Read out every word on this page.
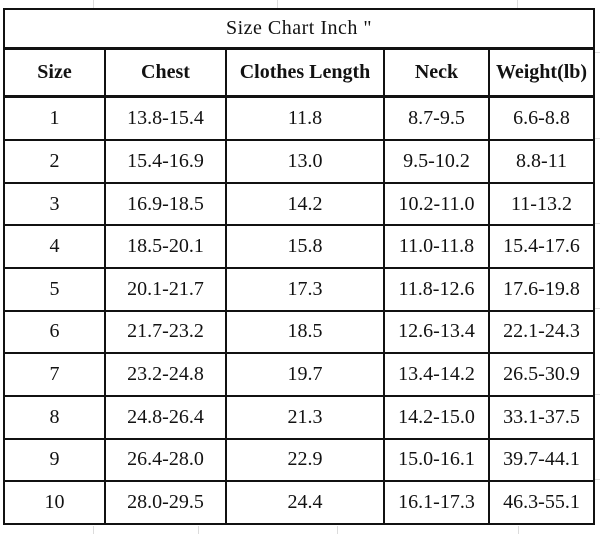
Size Chart Inch "				
Size	Chest	Clothes Length	Neck	Weight(lb)
1	13.8-15.4	11.8	8.7-9.5	6.6-8.8
2	15.4-16.9	13.0	9.5-10.2	8.8-11
3	16.9-18.5	14.2	10.2-11.0	11-13.2
4	18.5-20.1	15.8	11.0-11.8	15.4-17.6
5	20.1-21.7	17.3	11.8-12.6	17.6-19.8
6	21.7-23.2	18.5	12.6-13.4	22.1-24.3
7	23.2-24.8	19.7	13.4-14.2	26.5-30.9
8	24.8-26.4	21.3	14.2-15.0	33.1-37.5
9	26.4-28.0	22.9	15.0-16.1	39.7-44.1
10	28.0-29.5	24.4	16.1-17.3	46.3-55.1
